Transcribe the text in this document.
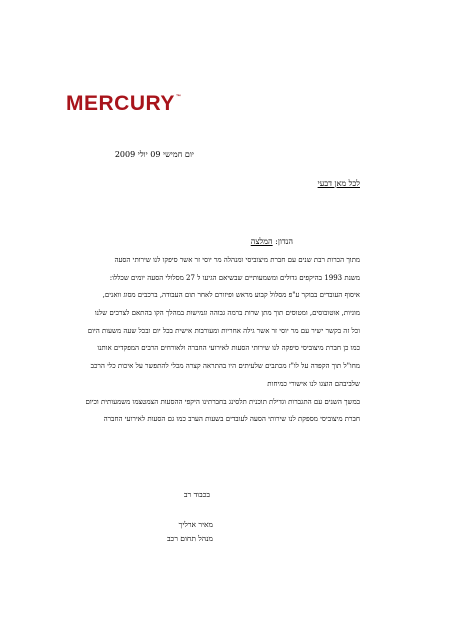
MERCURY™
יום חמישי 09 יולי 2009
לכל מאן דבעי
הנדון: המלצה
מתוך הכרות רבת שנים עם חברת מיצוביסי ומנהלה מר יוסי זר אשר סיפקו לנו שירותי הסעה
משנת 1993 בהיקפים גדולים ומשמעותיים שבשיאם הגיעו ל 27 מסלולי הסעה יומים שכללו:
איסוף העובדים בבוקר ע"פ מסלול קבוע מראש ופיזורם לאחר תום העבודה, ברכבים מסוג וואנים,
מוניות, אוטובוסים, ומטוסים תוך מתן שרות ברמה גבוהה וגמישות במהלך הקו בהתאם לצרכים שלנו
וכל זה בקשר ישיר עם מר יוסי זר אשר גילה אחריות ומעורבות אישית בכל יום ובכל שעה משעות היום
כמו כן חברת מיצוביסי סיפקה לנו שירותי הסעות לאירועי החברה ולאורחים הרבים המפקדים אותנו
מחו"ל תוך הקפדה על לו"ז מכתבים שלעיתים היו בהתראה קצרה מכלי להתפשר על איכות כלי הרכב
שלביבהם הוצגו לנו אישורי כמיחות
במשך השנים עם התגברות וגדילת תוכנית תלסינג בחברתינו היקפי ההסעות הצמטצמו משמעותית וכיום
חברת מיצוביסי מספקת לנו שירותי הסעה לעובדים בשעות הערב כמו גם הסעות לאירועי החברה
בכבוד רב
מאיר ארליך
מנהל תחום רכב
